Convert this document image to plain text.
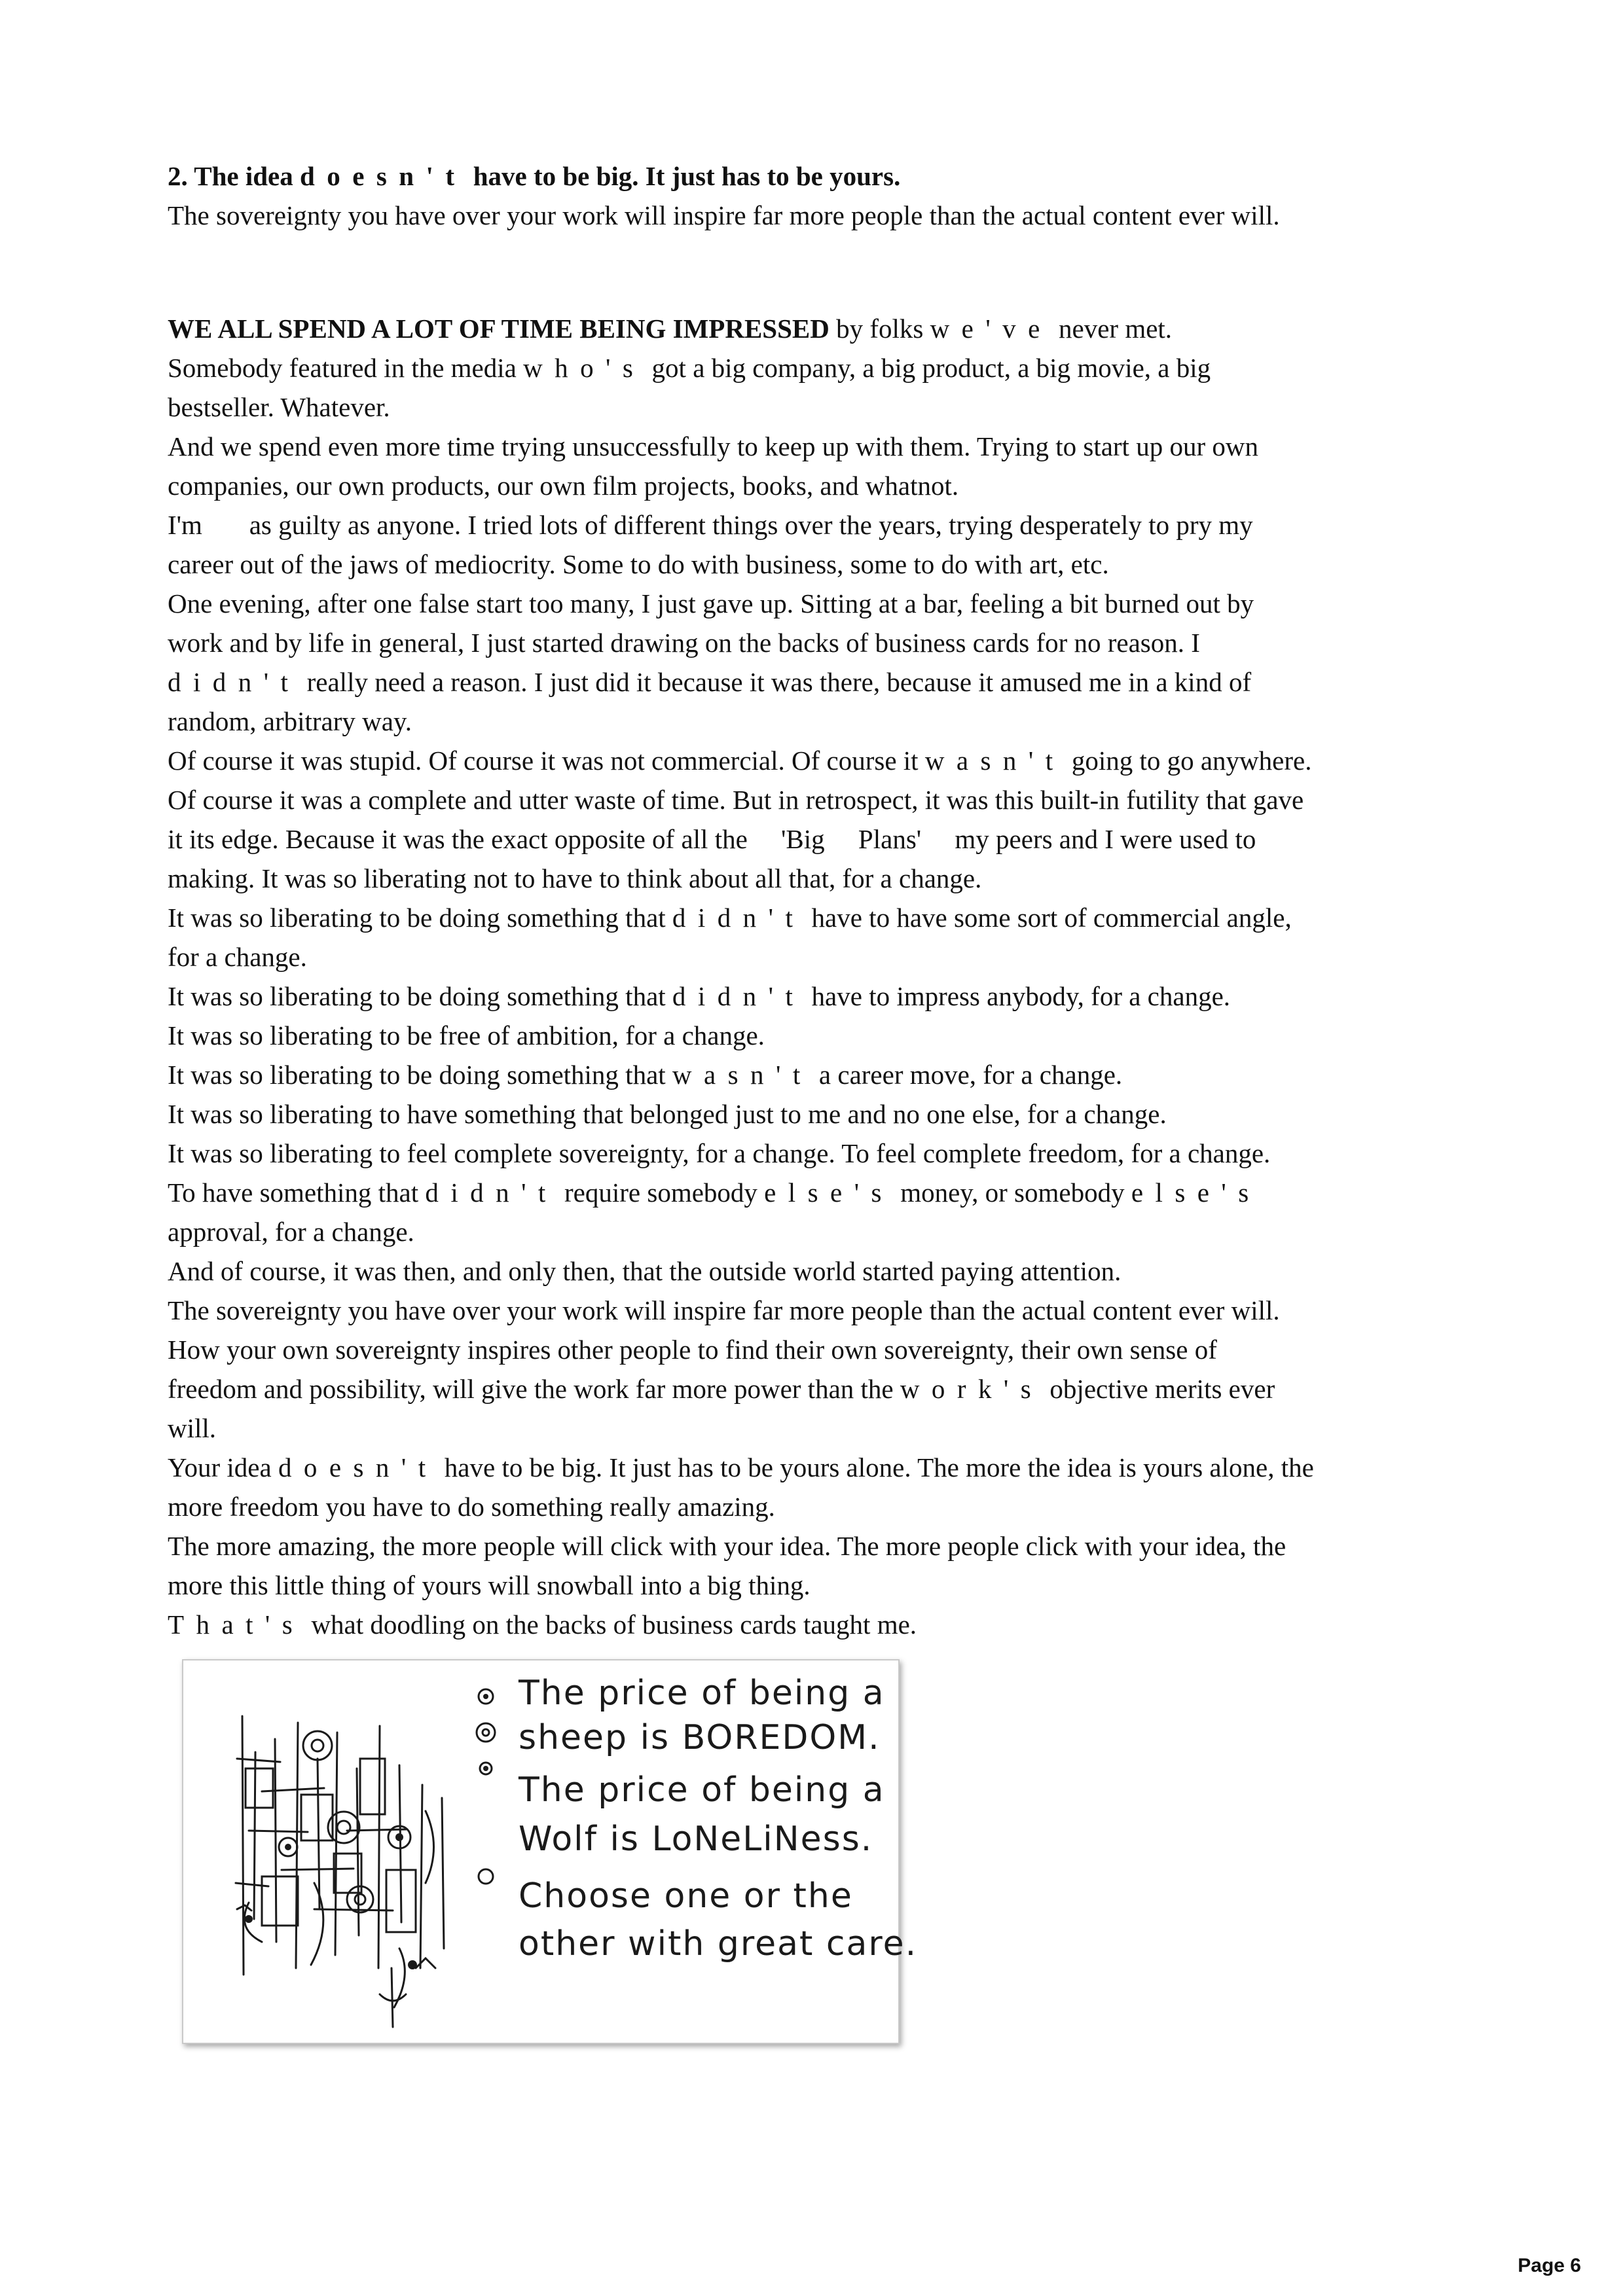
2. The idea doesn't have to be big. It just has to be yours.

The sovereignty you have over your work will inspire far more people than the actual content ever will.

WE ALL SPEND A LOT OF TIME BEING IMPRESSED by folks we've never met.

Somebody featured in the media who's got a big company, a big product, a big movie, a big

bestseller. Whatever.

And we spend even more time trying unsuccessfully to keep up with them. Trying to start up our own

companies, our own products, our own film projects, books, and whatnot.

I'm as guilty as anyone. I tried lots of different things over the years, trying desperately to pry my

career out of the jaws of mediocrity. Some to do with business, some to do with art, etc.

One evening, after one false start too many, I just gave up. Sitting at a bar, feeling a bit burned out by

work and by life in general, I just started drawing on the backs of business cards for no reason. I

didn't really need a reason. I just did it because it was there, because it amused me in a kind of

random, arbitrary way.

Of course it was stupid. Of course it was not commercial. Of course it wasn't going to go anywhere.

Of course it was a complete and utter waste of time. But in retrospect, it was this built-in futility that gave

it its edge. Because it was the exact opposite of all the 'Big Plans' my peers and I were used to

making. It was so liberating not to have to think about all that, for a change.

It was so liberating to be doing something that didn't have to have some sort of commercial angle,

for a change.

It was so liberating to be doing something that didn't have to impress anybody, for a change.

It was so liberating to be free of ambition, for a change.

It was so liberating to be doing something that wasn't a career move, for a change.

It was so liberating to have something that belonged just to me and no one else, for a change.

It was so liberating to feel complete sovereignty, for a change. To feel complete freedom, for a change.

To have something that didn't require somebody else's money, or somebody else's

approval, for a change.

And of course, it was then, and only then, that the outside world started paying attention.

The sovereignty you have over your work will inspire far more people than the actual content ever will.

How your own sovereignty inspires other people to find their own sovereignty, their own sense of

freedom and possibility, will give the work far more power than the work's objective merits ever

will.

Your idea doesn't have to be big. It just has to be yours alone. The more the idea is yours alone, the

more freedom you have to do something really amazing.

The more amazing, the more people will click with your idea. The more people click with your idea, the

more this little thing of yours will snowball into a big thing.

That's what doodling on the backs of business cards taught me.

The price of being a
sheep is BOREDOM.
The price of being a
Wolf is LoNeLiNess.
Choose one or the
other with great care.
Page 6
